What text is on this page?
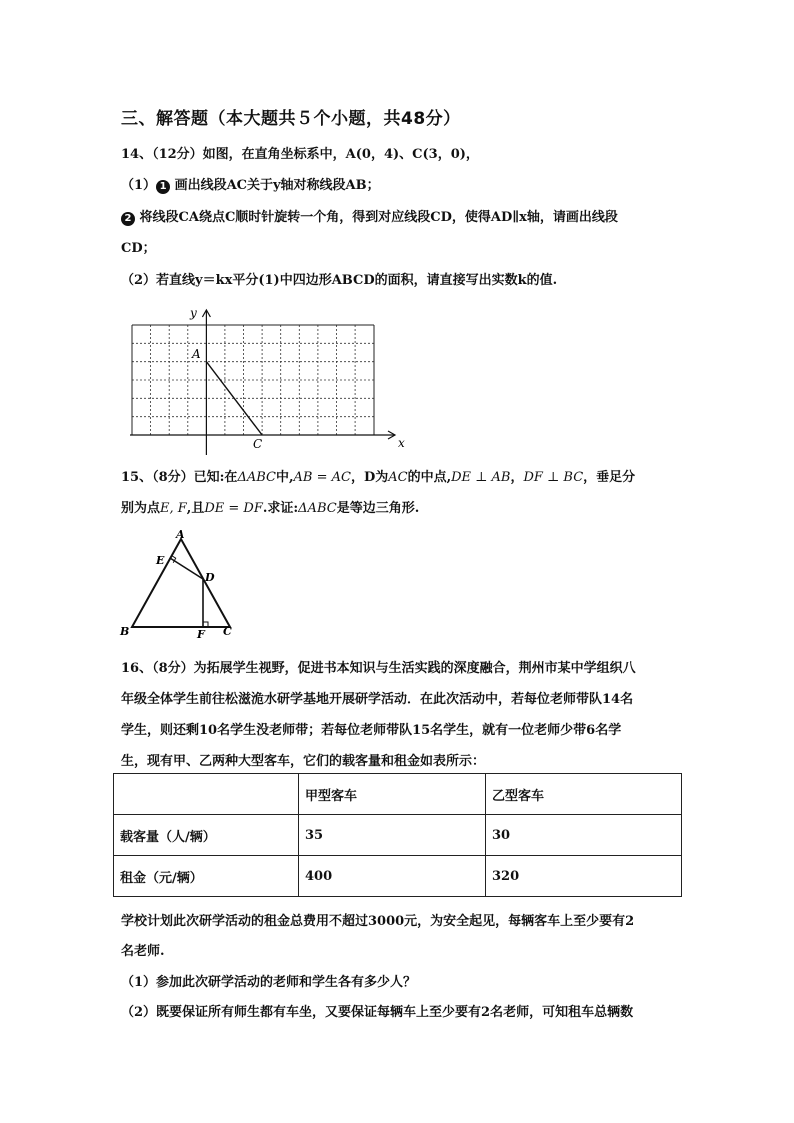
三、解答题（本大题共５个小题，共48分）
14、（12分）如图，在直角坐标系中，A(0，4)、C(3，0)，
（1） 1 画出线段AC关于y轴对称线段AB；
2 将线段CA绕点C顺时针旋转一个角，得到对应线段CD，使得AD∥x轴，请画出线段
CD；
（2）若直线y＝kx平分(1)中四边形ABCD的面积，请直接写出实数k的值.
x
y
A
C
15、（8分）已知:在ΔABC中,AB = AC，D为AC的中点,DE ⊥ AB，DF ⊥ BC，垂足分
别为点E, F,且DE = DF.求证:ΔABC是等边三角形.
A
B	C
D
E
F
16、（8分）为拓展学生视野，促进书本知识与生活实践的深度融合，荆州市某中学组织八
年级全体学生前往松滋洈水研学基地开展研学活动．在此次活动中，若每位老师带队14名
学生，则还剩10名学生没老师带；若每位老师带队15名学生，就有一位老师少带6名学
生，现有甲、乙两种大型客车，它们的载客量和租金如表所示：
	甲型客车	乙型客车
载客量（人/辆）	35	30
租金（元/辆）	400	320
学校计划此次研学活动的租金总费用不超过3000元，为安全起见，每辆客车上至少要有2
名老师.
（1）参加此次研学活动的老师和学生各有多少人？
（2）既要保证所有师生都有车坐，又要保证每辆车上至少要有2名老师，可知租车总辆数
